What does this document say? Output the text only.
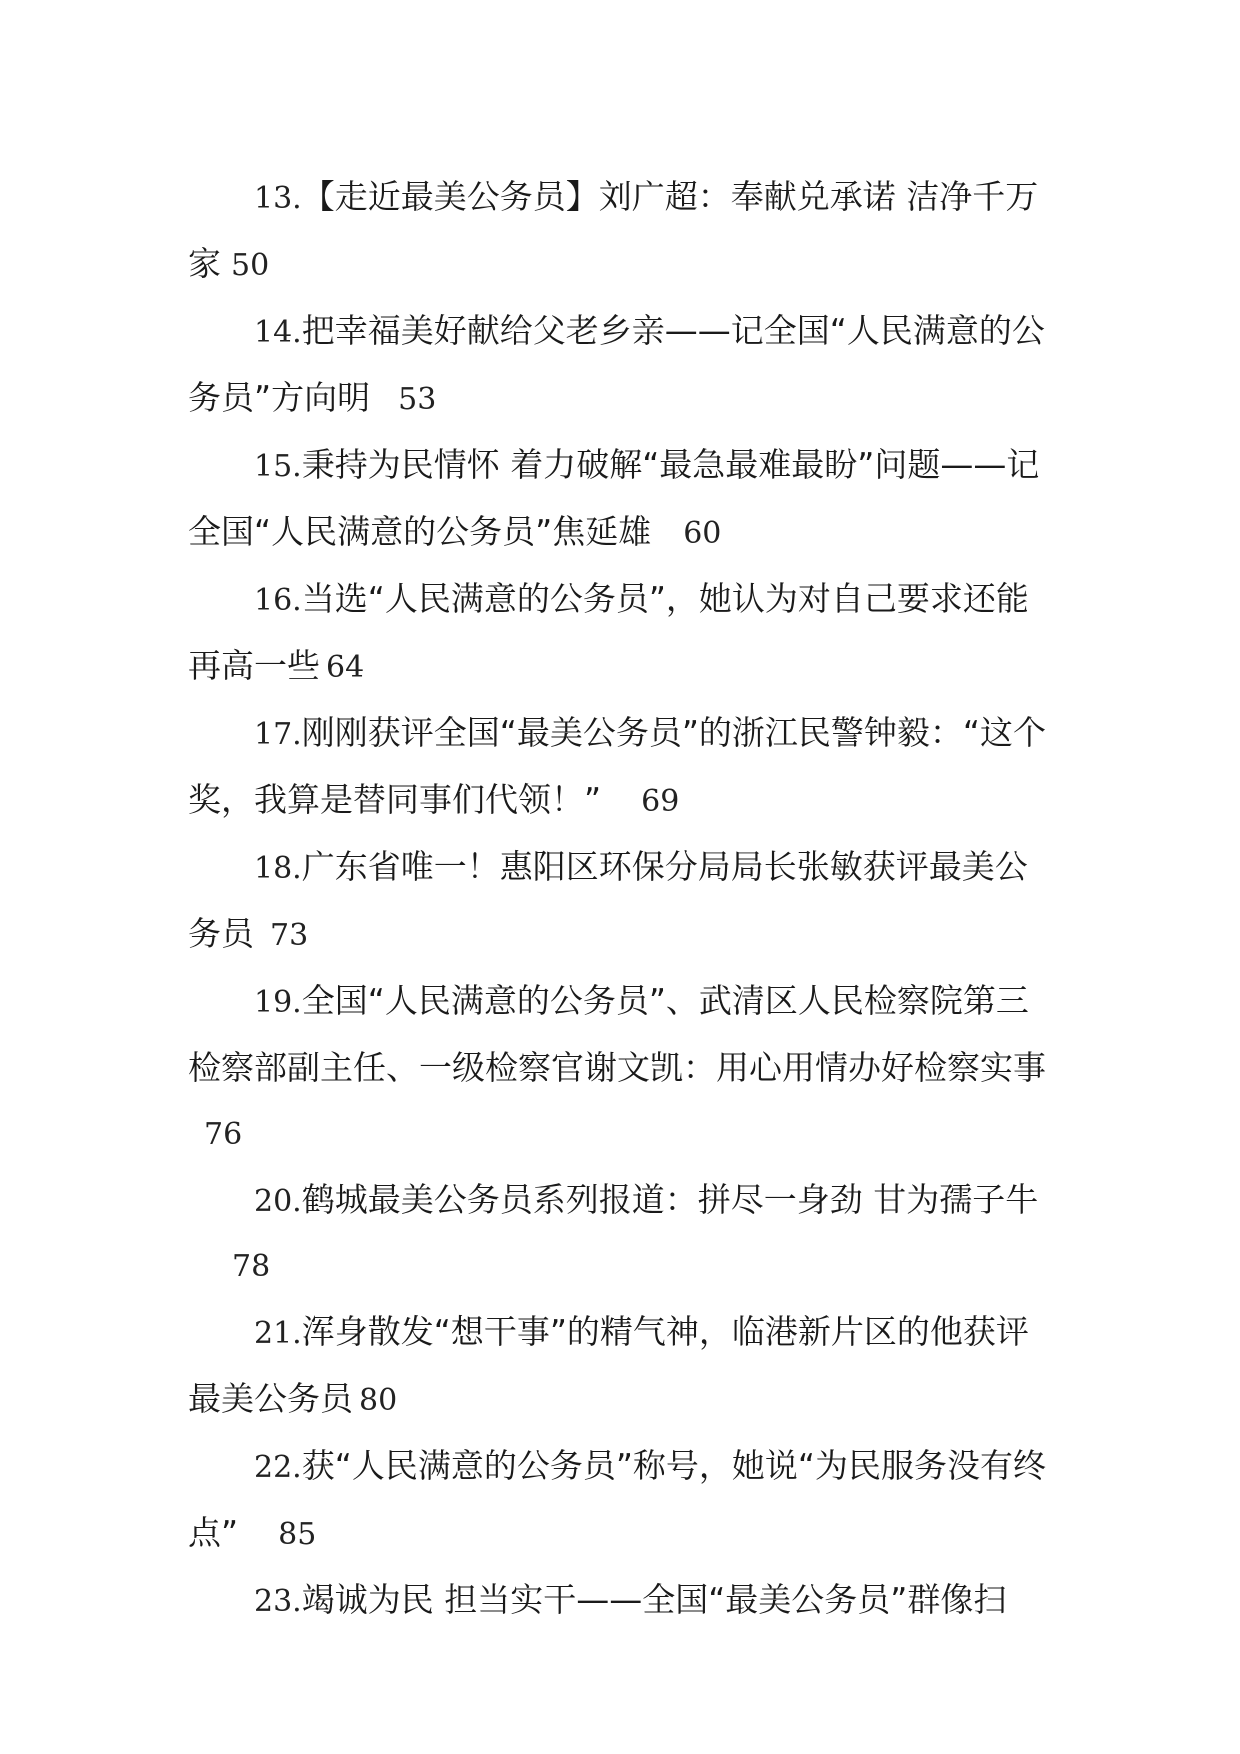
13.【走近最美公务员】刘广超：奉献兑承诺 洁净千万家 50
14.把幸福美好献给父老乡亲——记全国“人民满意的公务员”方向明 53
15.秉持为民情怀 着力破解“最急最难最盼”问题——记全国“人民满意的公务员”焦延雄 60
16.当选“人民满意的公务员”，她认为对自己要求还能再高一些 64
17.刚刚获评全国“最美公务员”的浙江民警钟毅：“这个奖，我算是替同事们代领！” 69
18.广东省唯一！惠阳区环保分局局长张敏获评最美公务员 73
19.全国“人民满意的公务员”、武清区人民检察院第三检察部副主任、一级检察官谢文凯：用心用情办好检察实事76
20.鹤城最美公务员系列报道：拼尽一身劲 甘为孺子牛
78
21.浑身散发“想干事”的精气神，临港新片区的他获评最美公务员 80
22.获“人民满意的公务员”称号，她说“为民服务没有终点” 85
23.竭诚为民 担当实干——全国“最美公务员”群像扫
